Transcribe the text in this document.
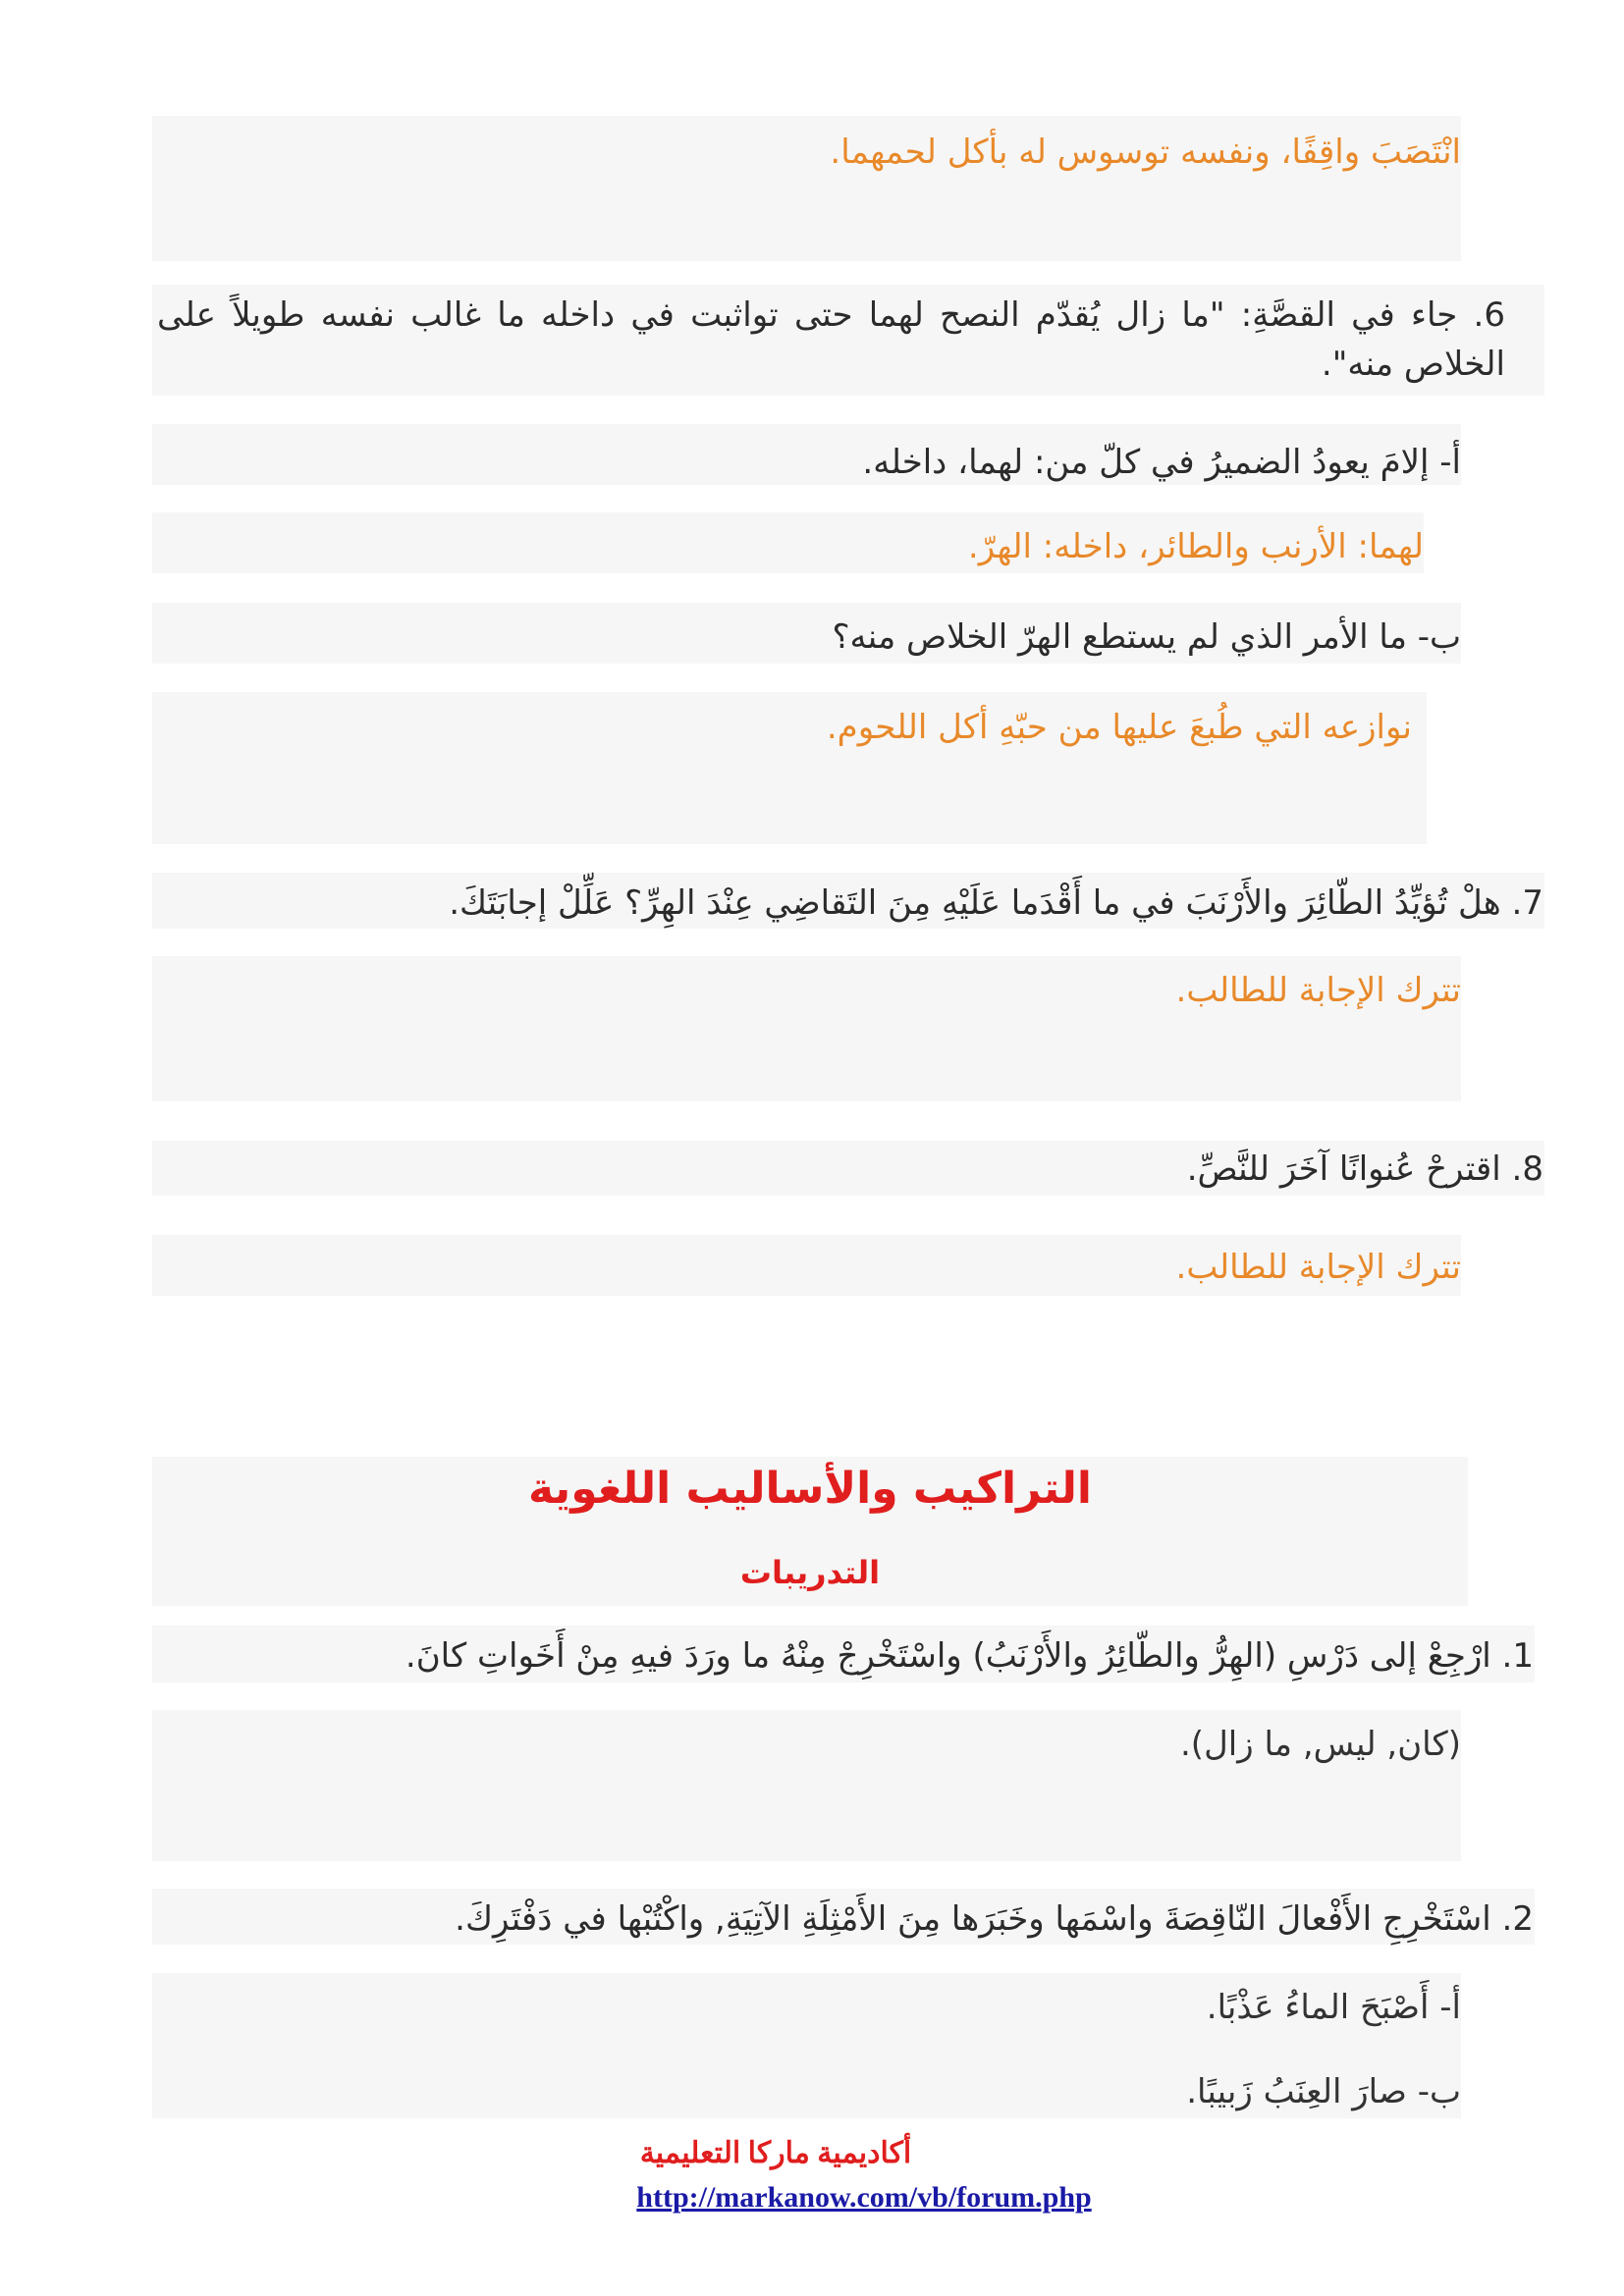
انْتَصَبَ واقِفًا، ونفسه توسوس له بأكل لحمهما.
6. جاء في القصَّةِ: "ما زال يُقدّم النصح لهما حتى تواثبت في داخله ما غالب نفسه طويلاً على الخلاص منه".
أ- إلامَ يعودُ الضميرُ في كلّ من: لهما، داخله.
لهما: الأرنب والطائر، داخله: الهرّ.
ب- ما الأمر الذي لم يستطع الهرّ الخلاص منه؟
نوازعه التي طُبعَ عليها من حبّهِ أكل اللحوم.
7. هلْ تُؤيِّدُ الطّائِرَ والأَرْنَبَ في ما أَقْدَما عَلَيْهِ مِنَ التَقاضِي عِنْدَ الهِرِّ؟ عَلِّلْ إجابَتَكَ.
تترك الإجابة للطالب.
8. اقترحْ عُنوانًا آخَرَ للنَّصِّ.
تترك الإجابة للطالب.
التراكيب والأساليب اللغوية
التدريبات
1. ارْجِعْ إلى دَرْسِ (الهِرُّ والطّائِرُ والأَرْنَبُ) واسْتَخْرِجْ مِنْهُ ما ورَدَ فيهِ مِنْ أَخَواتِ كانَ.
(كان, ليس, ما زال).
2. اسْتَخْرِجِ الأَفْعالَ النّاقِصَةَ واسْمَها وخَبَرَها مِنَ الأَمْثِلَةِ الآتِيَةِ, واكْتُبْها في دَفْتَرِكَ.
أ- أَصْبَحَ الماءُ عَذْبًا.
ب- صارَ العِنَبُ زَبيبًا.
أكاديمية ماركا التعليمية
http://markanow.com/vb/forum.php
